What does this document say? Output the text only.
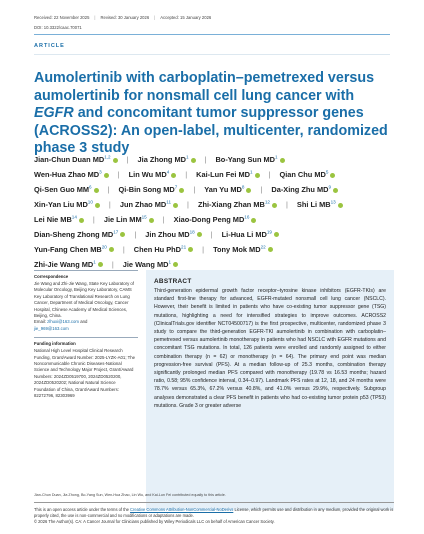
Received: 22 November 2025 | Revised: 30 January 2026 | Accepted: 15 January 2026
DOI: 10.3322/caac.70071
ARTICLE
Aumolertinib with carboplatin–pemetrexed versus aumolertinib for nonsmall cell lung cancer with EGFR and concomitant tumor suppressor genes (ACROSS2): An open-label, multicenter, randomized phase 3 study
Jian-Chun Duan MD$^{1,2}$ | Jia Zhong $MD^1$ | Bo-Yang Sun $MD^1$
Wen-Hua Zhao $MD^3$ | Lin Wu $MD^4$ | Kai-Lun Fei $MD^1$ | Qian Chu $MD^5$
Qi-Sen Guo $MM^6$ | Qi-Bin Song $MD^7$ | Yan Yu $MD^8$ | Da-Xing Zhu $MD^9$
Xin-Yan Liu MD$^{10}$ | Jun Zhao MD$^{11}$ | Zhi-Xiang Zhan MB$^{12}$ | Shi Li MB$^{13}$
Lei Nie MB$^{14}$ | Jie Lin MM$^{15}$ | Xiao-Dong Peng MD$^{16}$
Dian-Sheng Zhong MD$^{17}$ | Jin Zhou MD$^{18}$ | Li-Hua Li MD$^{19}$
Yun-Fang Chen MB$^{20}$ | Chen Hu PhD$^{21}$ | Tony Mok MD$^{22}$
Zhi-Jie Wang $MD^1$ | Jie Wang $MD^1$
Correspondence
Jie Wang and Zhi-Jie Wang, State Key Laboratory of Molecular Oncology, Beijing Key Laboratory, CAMS Key Laboratory of Translational Research on Lung Cancer, Department of Medical Oncology, Cancer Hospital, Chinese Academy of Medical Sciences, Beijing, China.
Email: zlhuxi@163.com and
jie_969@163.com
Funding information
National High Level Hospital Clinical Research Funding, Grant/Award Number: 2025-LYZK-A01; The Noncommunicable Chronic Diseases-National Science and Technology Major Project, Grant/Award Numbers: 2024ZD0519700, 2024ZD0520200, 2024ZD0520202; National Natural Science Foundation of China, Grant/Award Numbers: 82272796, 82303969
ABSTRACT
Third-generation epidermal growth factor receptor–tyrosine kinase inhibitors (EGFR-TKIs) are standard first-line therapy for advanced, EGFR-mutated nonsmall cell lung cancer (NSCLC). However, their benefit is limited in patients who have co-existing tumor suppressor gene (TSG) mutations, highlighting a need for intensified strategies to improve outcomes. ACROSS2 (ClinicalTrials.gov identifier NCT04500717) is the first prospective, multicenter, randomized phase 3 study to compare the third-generation EGFR-TKI aumolertinib in combination with carboplatin–pemetrexed versus aumolertinib monotherapy in patients who had NSCLC with EGFR mutations and concomitant TSG mutations. In total, 126 patients were enrolled and randomly assigned to either combination therapy (n = 62) or monotherapy (n = 64). The primary end point was median progression-free survival (PFS). At a median follow-up of 25.3 months, combination therapy significantly prolonged median PFS compared with monotherapy (19.78 vs 16.53 months; hazard ratio, 0.58; 95% confidence interval, 0.34–0.97). Landmark PFS rates at 12, 18, and 24 months were 78.7% versus 65.3%, 67.2% versus 40.8%, and 41.0% versus 29.9%, respectively. Subgroup analyses demonstrated a clear PFS benefit in patients who had co-existing tumor protein p53 (TP53) mutations. Grade 3 or greater adverse
Jian-Chun Duan, Jia Zhong, Bo-Yang Sun, Wen-Hua Zhao, Lin Wu, and Kai-Lun Fei contributed equally to this article.
This is an open access article under the terms of the Creative Commons Attribution-NonCommercial-NoDerivs License, which permits use and distribution in any medium, provided the original work is properly cited, the use is non-commercial and no modifications or adaptations are made.
© 2026 The Author(s). CA: A Cancer Journal for Clinicians published by Wiley Periodicals LLC on behalf of American Cancer Society.
